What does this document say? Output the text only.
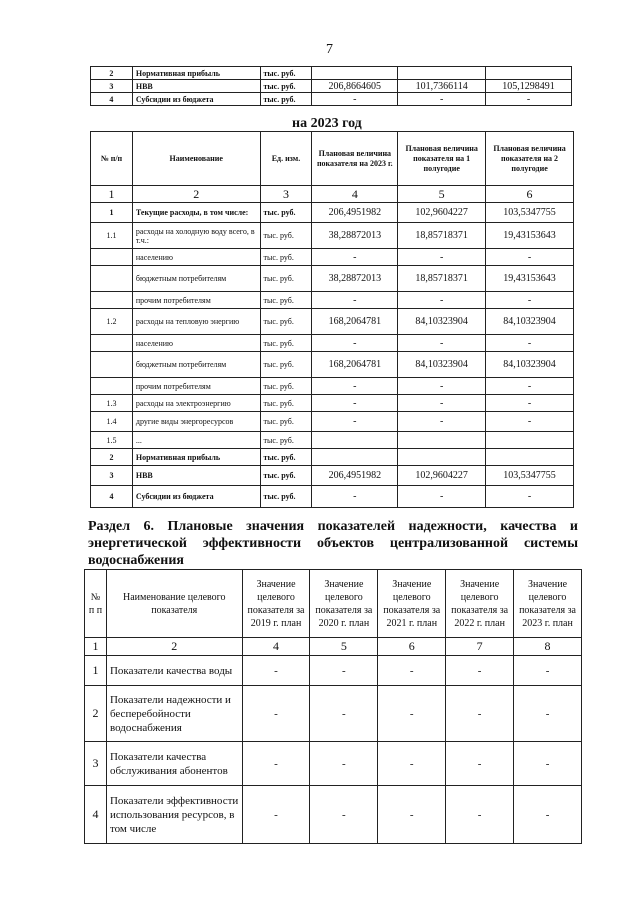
7
2	Нормативная прибыль	тыс. руб.			
3	НВВ	тыс. руб.	206,8664605	101,7366114	105,1298491
4	Субсидии из бюджета	тыс. руб.	-	-	-
на 2023 год
№ п/п	Наименование	Ед. изм.	Плановая величина показателя на 2023 г.	Плановая величина показателя на 1 полугодие	Плановая величина показателя на 2 полугодие
1	2	3	4	5	6
1	Текущие расходы, в том числе:	тыс. руб.	206,4951982	102,9604227	103,5347755
1.1	расходы на холодную воду всего, в т.ч.:	тыс. руб.	38,28872013	18,85718371	19,43153643
	населению	тыс. руб.	-	-	-
	бюджетным потребителям	тыс. руб.	38,28872013	18,85718371	19,43153643
	прочим потребителям	тыс. руб.	-	-	-
1.2	расходы на тепловую энергию	тыс. руб.	168,2064781	84,10323904	84,10323904
	населению	тыс. руб.	-	-	-
	бюджетным потребителям	тыс. руб.	168,2064781	84,10323904	84,10323904
	прочим потребителям	тыс. руб.	-	-	-
1.3	расходы на электроэнергию	тыс. руб.	-	-	-
1.4	другие виды энергоресурсов	тыс. руб.	-	-	-
1.5	...	тыс. руб.			
2	Нормативная прибыль	тыс. руб.			
3	НВВ	тыс. руб.	206,4951982	102,9604227	103,5347755
4	Субсидии из бюджета	тыс. руб.	-	-	-
Раздел 6. Плановые значения показателей надежности, качества и энергетической эффективности объектов централизованной системы водоснабжения
№ п п	Наименование целевого показателя	Значение целевого показателя за 2019 г. план	Значение целевого показателя за 2020 г. план	Значение целевого показателя за 2021 г. план	Значение целевого показателя за 2022 г. план	Значение целевого показателя за 2023 г. план
1	2	4	5	6	7	8
1	Показатели качества воды	-	-	-	-	-
2	Показатели надежности и бесперебойности водоснабжения	-	-	-	-	-
3	Показатели качества обслуживания абонентов	-	-	-	-	-
4	Показатели эффективности использования ресурсов, в том числе	-	-	-	-	-
